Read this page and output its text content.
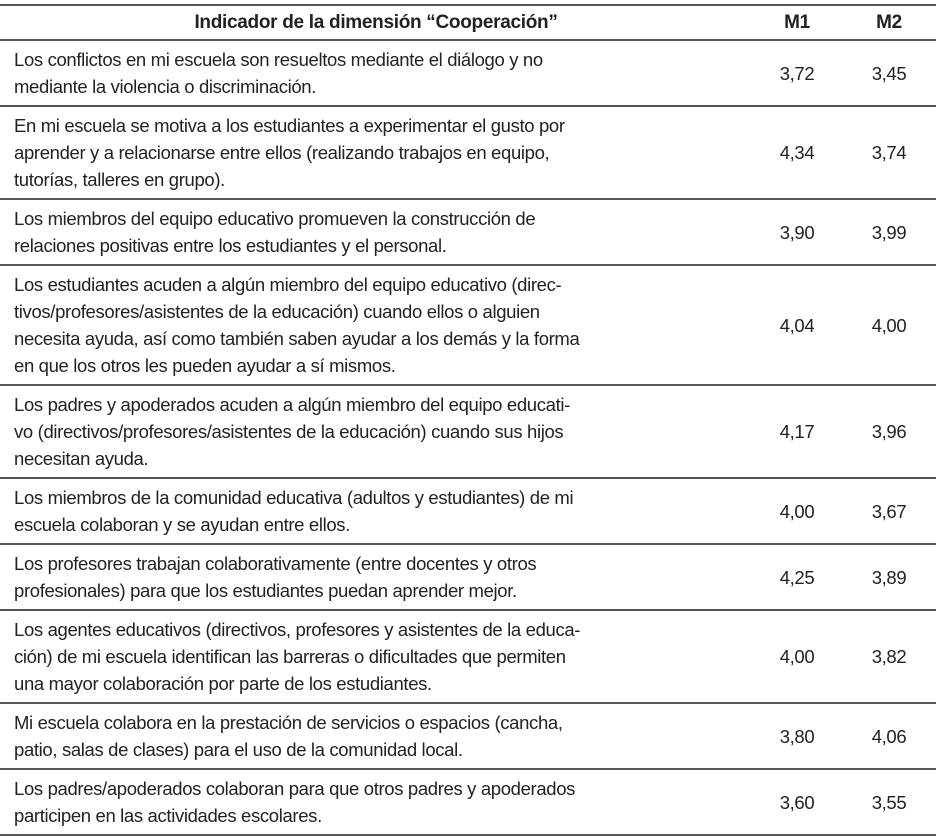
Indicador de la dimensión “Cooperación”	M1	M2
Los conflictos en mi escuela son resueltos mediante el diálogo y no
mediante la violencia o discriminación.	3,72	3,45
En mi escuela se motiva a los estudiantes a experimentar el gusto por
aprender y a relacionarse entre ellos (realizando trabajos en equipo,
tutorías, talleres en grupo).	4,34	3,74
Los miembros del equipo educativo promueven la construcción de
relaciones positivas entre los estudiantes y el personal.	3,90	3,99
Los estudiantes acuden a algún miembro del equipo educativo (direc-
tivos/profesores/asistentes de la educación) cuando ellos o alguien
necesita ayuda, así como también saben ayudar a los demás y la forma
en que los otros les pueden ayudar a sí mismos.	4,04	4,00
Los padres y apoderados acuden a algún miembro del equipo educati-
vo (directivos/profesores/asistentes de la educación) cuando sus hijos
necesitan ayuda.	4,17	3,96
Los miembros de la comunidad educativa (adultos y estudiantes) de mi
escuela colaboran y se ayudan entre ellos.	4,00	3,67
Los profesores trabajan colaborativamente (entre docentes y otros
profesionales) para que los estudiantes puedan aprender mejor.	4,25	3,89
Los agentes educativos (directivos, profesores y asistentes de la educa-
ción) de mi escuela identifican las barreras o dificultades que permiten
una mayor colaboración por parte de los estudiantes.	4,00	3,82
Mi escuela colabora en la prestación de servicios o espacios (cancha,
patio, salas de clases) para el uso de la comunidad local.	3,80	4,06
Los padres/apoderados colaboran para que otros padres y apoderados
participen en las actividades escolares.	3,60	3,55
